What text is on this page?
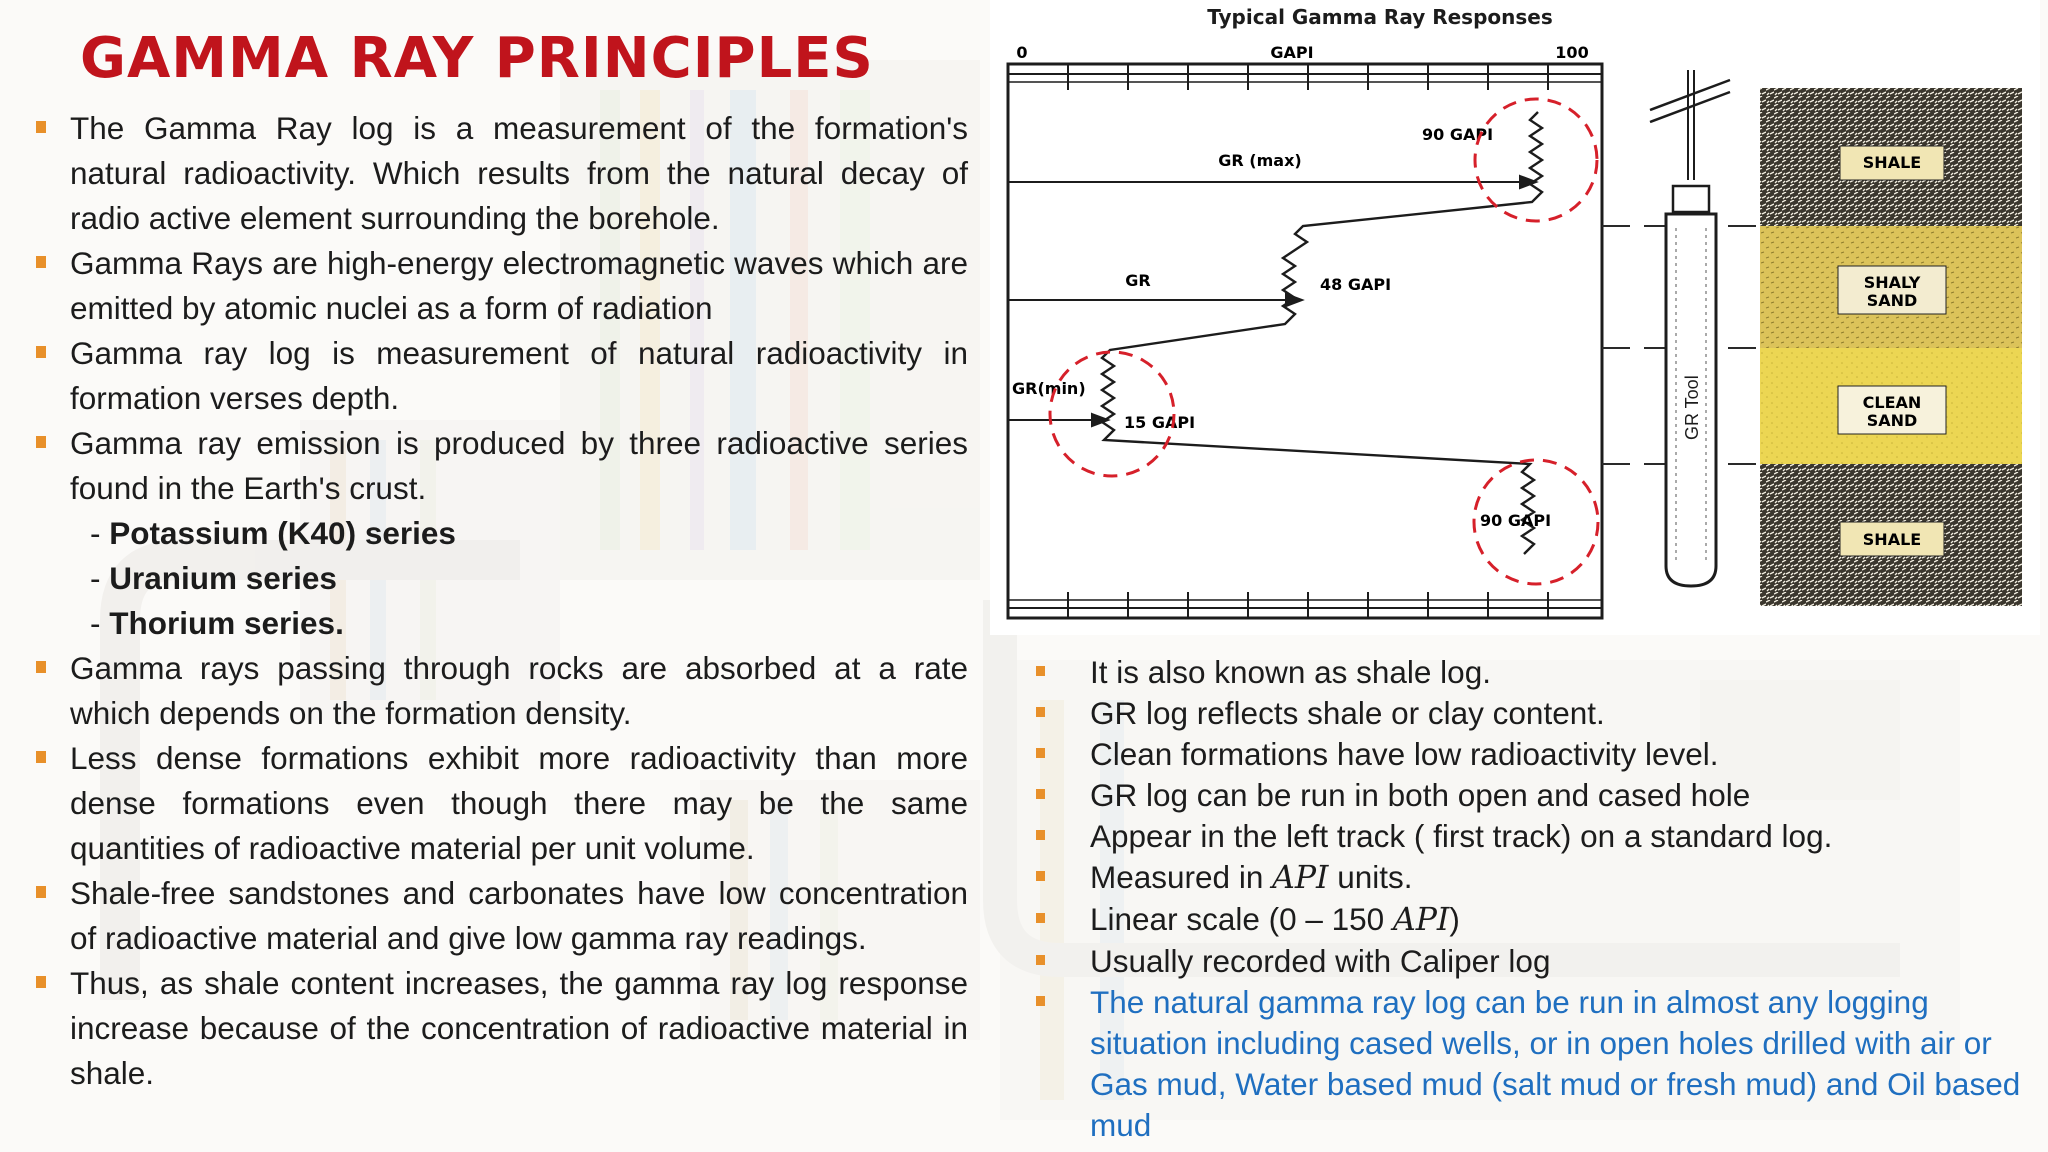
GAMMA RAY PRINCIPLES
The Gamma Ray log is a measurement of the formation's natural radioactivity. Which results from the natural decay of radio active element surrounding the borehole.
Gamma Rays are high-energy electromagnetic waves which are emitted by atomic nuclei as a form of radiation
Gamma ray log is measurement of natural radioactivity in formation verses depth.
Gamma ray emission is produced by three radioactive series found in the Earth's crust.
- Potassium (K40) series
- Uranium series
- Thorium series.
Gamma rays passing through rocks are absorbed at a rate which depends on the formation density.
Less dense formations exhibit more radioactivity than more dense formations even though there may be the same quantities of radioactive material per unit volume.
Shale-free sandstones and carbonates have low concentration of radioactive material and give low gamma ray readings.
Thus, as shale content increases, the gamma ray log response increase because of the concentration of radioactive material in shale.
Typical Gamma Ray Responses
0	GAPI	100
GR (max)
GR
GR(min)
90 GAPI
48 GAPI
15 GAPI
90 GAPI
GR Tool
SHALE
SHALY
SAND
CLEAN
SAND
SHALE
It is also known as shale log.
GR log reflects shale or clay content.
Clean formations have low radioactivity level.
GR log can be run in both open and cased hole
Appear in the left track ( first track) on a standard log.
Measured in API units.
Linear scale (0 – 150 API)
Usually recorded with Caliper log
The natural gamma ray log can be run in almost any logging situation including cased wells, or in open holes drilled with air or Gas mud, Water based mud (salt mud or fresh mud) and Oil based mud
